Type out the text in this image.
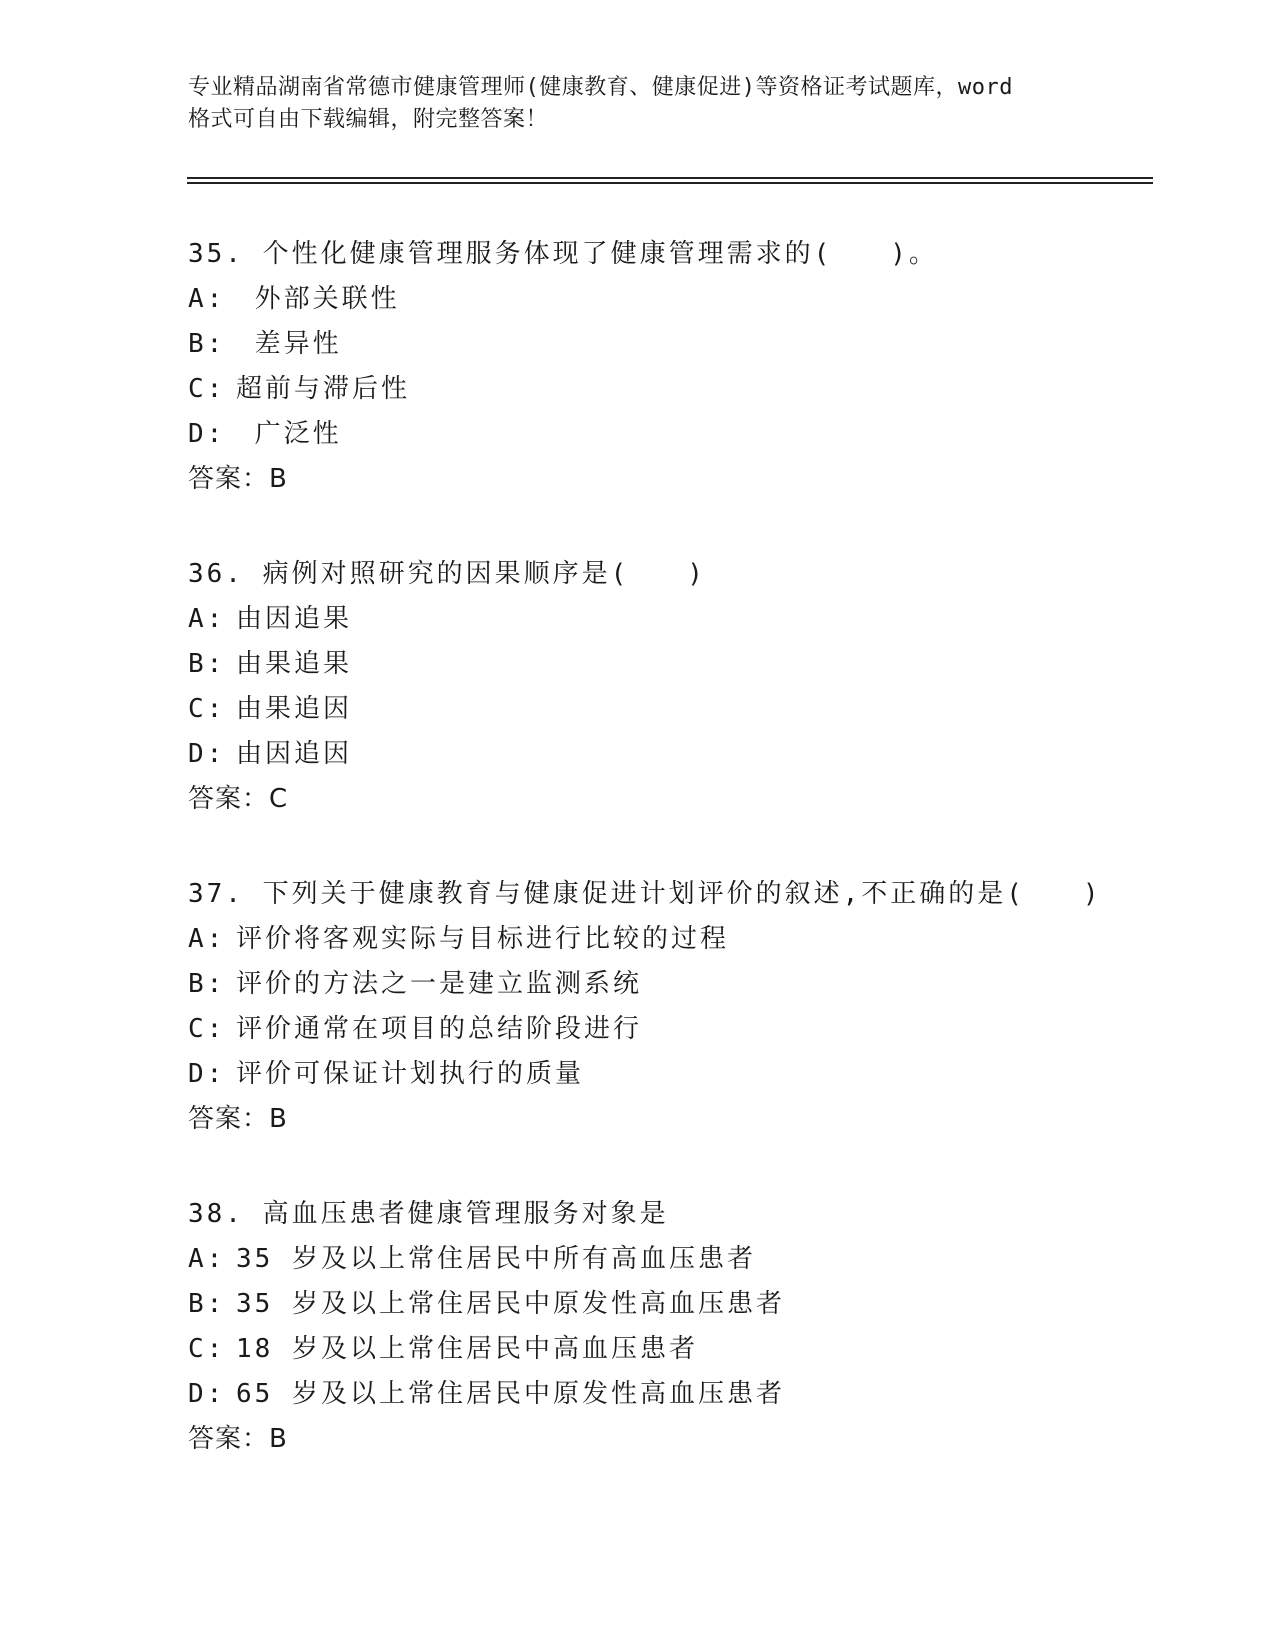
专业精品湖南省常德市健康管理师(健康教育、健康促进)等资格证考试题库，word
格式可自由下载编辑，附完整答案！
35. 个性化健康管理服务体现了健康管理需求的(　　)。
A: 外部关联性
B: 差异性
C: 超前与滞后性
D: 广泛性
答案：B
36. 病例对照研究的因果顺序是(　　)
A: 由因追果
B: 由果追果
C: 由果追因
D: 由因追因
答案：C
37. 下列关于健康教育与健康促进计划评价的叙述,不正确的是(　　)
A: 评价将客观实际与目标进行比较的过程
B: 评价的方法之一是建立监测系统
C: 评价通常在项目的总结阶段进行
D: 评价可保证计划执行的质量
答案：B
38. 高血压患者健康管理服务对象是
A: 35 岁及以上常住居民中所有高血压患者
B: 35 岁及以上常住居民中原发性高血压患者
C: 18 岁及以上常住居民中高血压患者
D: 65 岁及以上常住居民中原发性高血压患者
答案：B
